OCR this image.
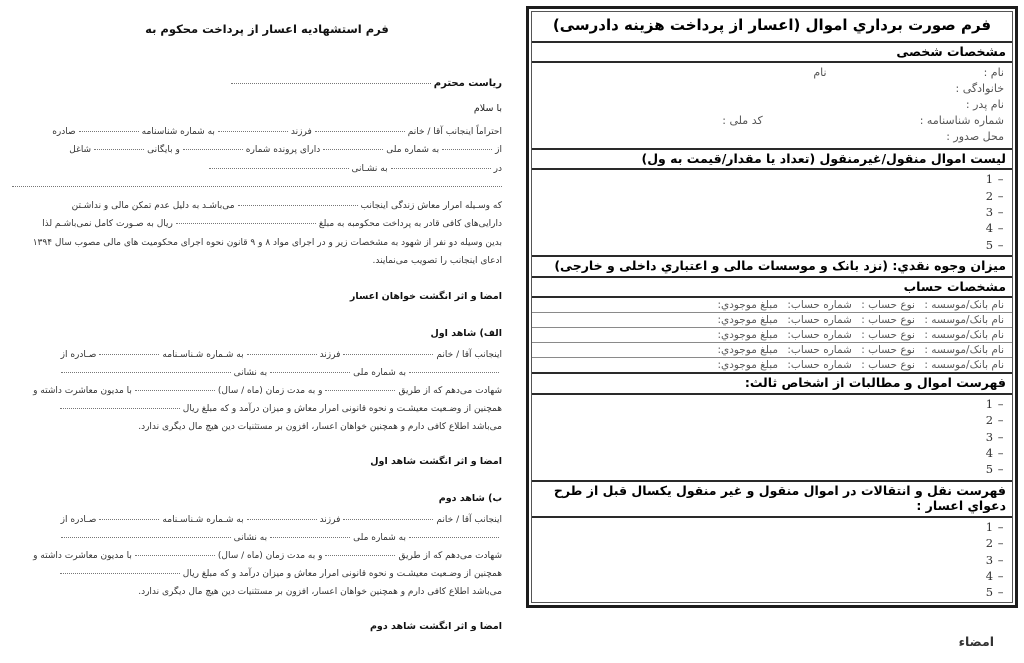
فرم صورت برداري اموال (اعسار از پرداخت هزینه دادرسی)
مشخصات شخصی
نام :  نام
خانوادگی :
نام پدر :
شماره شناسنامه :  کد ملی :
محل صدور :
لیست اموال منقول/غیرمنقول (تعداد یا مقدار/قیمت به ول)
1 –
2 –
3 –
4 –
5 –
میزان وجوه نقدي: (نزد بانک و موسسات مالی و اعتباري داخلی و خارجی)
مشخصات حساب
نام بانک/موسسه : نوع حساب : شماره حساب: مبلغ موجودي:
نام بانک/موسسه : نوع حساب : شماره حساب: مبلغ موجودي:
نام بانک/موسسه : نوع حساب : شماره حساب: مبلغ موجودي:
نام بانک/موسسه : نوع حساب : شماره حساب: مبلغ موجودي:
نام بانک/موسسه : نوع حساب : شماره حساب: مبلغ موجودي:
فهرست اموال و مطالبات از اشخاص ثالث:
1 –
2 –
3 –
4 –
5 –
فهرست نقل و انتقالات در اموال منقول و غیر منقول یکسال قبل از طرح دعواي اعسار :
1 –
2 –
3 –
4 –
5 –
امضاء
فرم استشهادیه اعسار از پرداخت محکوم به
ریاست محترم
با سلام
احتراماً اینجانب آقا / خانمفرزندبه شماره شناسنامهصادره
ازبه شماره ملیدارای پرونده شمارهو بایگانیشاغل
دربه نشـانی

که وسـیله امرار معاش زندگی اینجانبمی‌باشـد به دلیل عدم تمکن مالی و نداشـتن
دارایی‌های کافی قادر به پرداخت محکومبه به مبلغریال به صـورت کامل نمی‌باشـم لذا
بدین وسیله دو نفر از شهود به مشخصات زیر و در اجرای مواد ۸ و ۹ قانون نحوه اجرای محکومیت های مالی مصوب سال ۱۳۹۴

ادعای اینجانب را تصویب می‌نمایند.
امضا و اثر انگشت خواهان اعسار
الف) شاهد اول
اینجانب آقا / خانمفرزندبه شـماره شـناسـنامهصـادره از
به شماره ملیبه نشانی
شهادت می‌دهم که از طریقو به مدت زمان (ماه / سال)با مدیون معاشرت داشته و
همچنین از وضـعیت معیشـت و نحوه قانونی امرار معاش و میزان درآمد و که مبلغ ریال
می‌باشد اطلاع کافی دارم و همچنین خواهان اعسار، افزون بر مستثنیات دین هیچ مال دیگری ندارد.
امضا و اثر انگشت شاهد اول
ب) شاهد دوم
اینجانب آقا / خانمفرزندبه شـماره شـناسـنامهصـادره از
به شماره ملیبه نشانی
شهادت می‌دهم که از طریقو به مدت زمان (ماه / سال)با مدیون معاشرت داشته و
همچنین از وضـعیت معیشـت و نحوه قانونی امرار معاش و میزان درآمد و که مبلغ ریال
می‌باشد اطلاع کافی دارم و همچنین خواهان اعسار، افزون بر مستثنیات دین هیچ مال دیگری ندارد.
امضا و اثر انگشت شاهد دوم
